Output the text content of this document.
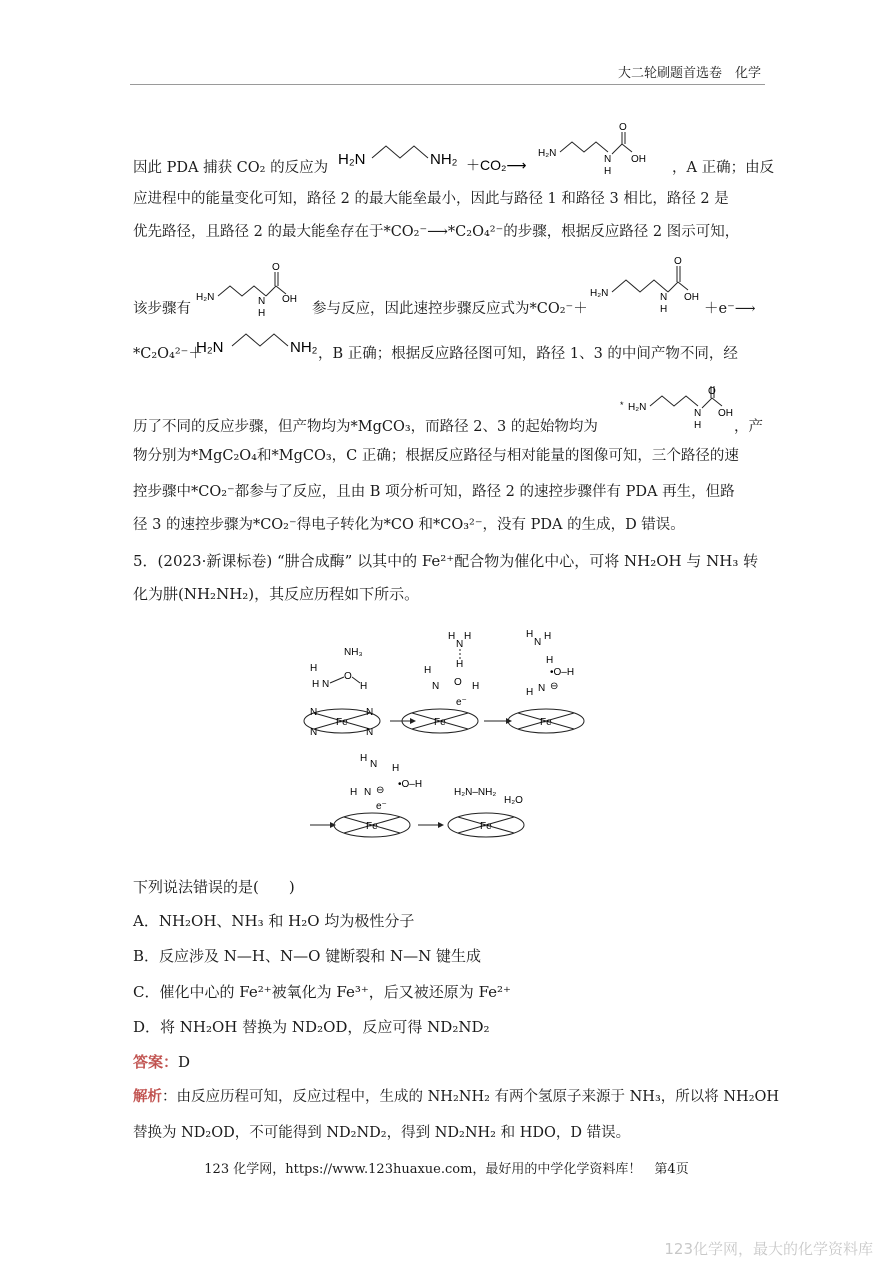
大二轮刷题首选卷　化学
因此 PDA 捕获 CO₂ 的反应为 H₂N	NH₂ ＋CO₂⟶
H₂N
N
H
O
OH
，A 正确；由反
应进程中的能量变化可知，路径 2 的最大能垒最小，因此与路径 1 和路径 3 相比，路径 2 是
优先路径，且路径 2 的最大能垒存在于*CO₂⁻⟶*C₂O₄²⁻的步骤，根据反应路径 2 图示可知，
该步骤有
H₂N	N
H
O
OH
参与反应，因此速控步骤反应式为*CO₂⁻＋
H₂N	N
H
O
OH
＋e⁻⟶
*C₂O₄²⁻＋
H₂N	NH₂ ，B 正确；根据反应路径图可知，路径 1、3 的中间产物不同，经
历了不同的反应步骤，但产物均为*MgCO₃，而路径 2、3 的起始物均为
* H₂N
N
H
O
OH
，产
物分别为*MgC₂O₄和*MgCO₃，C 正确；根据反应路径与相对能量的图像可知，三个路径的速
控步骤中*CO₂⁻都参与了反应，且由 B 项分析可知，路径 2 的速控步骤伴有 PDA 再生，但路
径 3 的速控步骤为*CO₂⁻得电子转化为*CO 和*CO₃²⁻，没有 PDA 的生成，D 错误。
5．(2023·新课标卷) “肼合成酶” 以其中的 Fe²⁺配合物为催化中心，可将 NH₂OH 与 NH₃ 转
化为肼(NH₂NH₂)，其反应历程如下所示。
NH₃
H
H N
O
H
Fe
N	N
N	N
H
N
H
H
H
N O H
e⁻
Fe
H
N
H
H
•O–H
H N ⊖
Fe
H
N H
•O–H
H N ⊖
e⁻
Fe
H₂N–NH₂
H₂O
Fe
下列说法错误的是(　　)
A．NH₂OH、NH₃ 和 H₂O 均为极性分子
B．反应涉及 N—H、N—O 键断裂和 N—N 键生成
C．催化中心的 Fe²⁺被氧化为 Fe³⁺，后又被还原为 Fe²⁺
D．将 NH₂OH 替换为 ND₂OD，反应可得 ND₂ND₂
答案：D
解析：由反应历程可知，反应过程中，生成的 NH₂NH₂ 有两个氢原子来源于 NH₃，所以将 NH₂OH
替换为 ND₂OD，不可能得到 ND₂ND₂，得到 ND₂NH₂ 和 HDO，D 错误。
123 化学网，https://www.123huaxue.com，最好用的中学化学资料库！　第4页
123化学网，最大的化学资料库
